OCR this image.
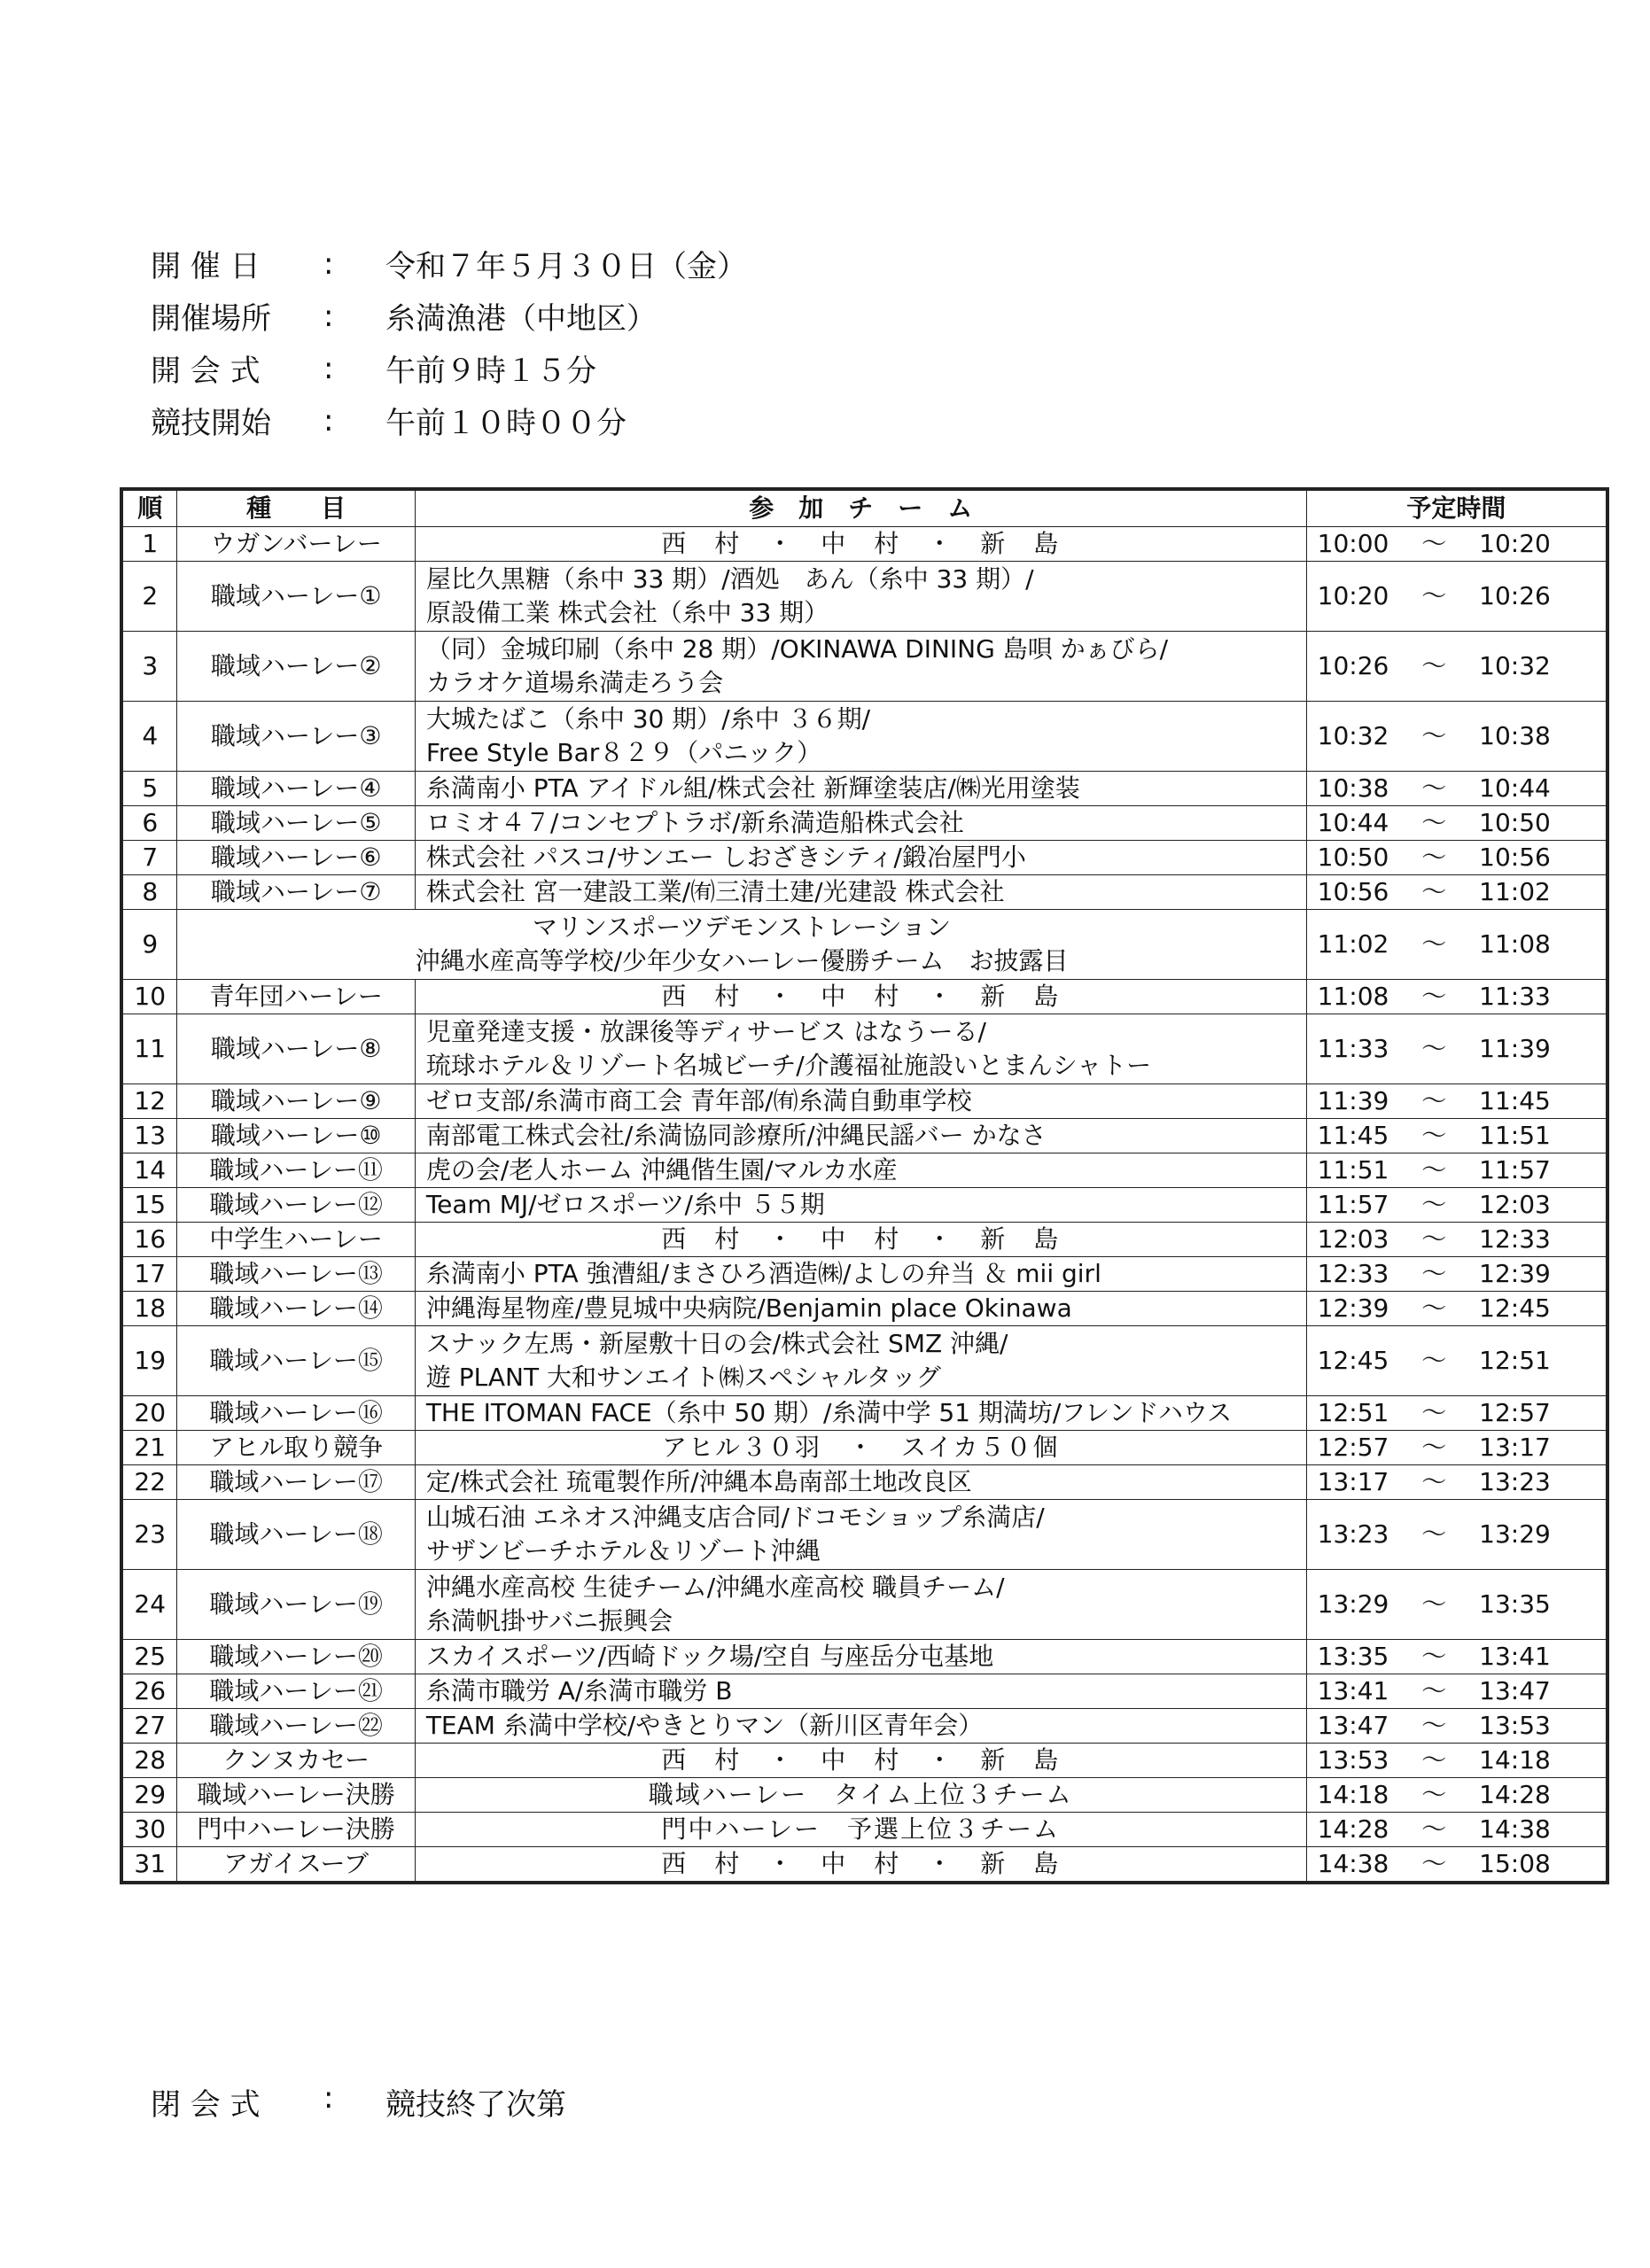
開 催 日	:	令和７年５月３０日（金）
開催場所	:	糸満漁港（中地区）
開 会 式	:	午前９時１５分
競技開始	:	午前１０時００分
順	種　　目	参　加　チ　ー　ム	予定時間
1	ウガンバーレー	西　村　・　中　村　・　新　島	10:00　 ～　 10:20
2	職域ハーレー①	屋比久黒糖（糸中 33 期）/酒処　あん（糸中 33 期）/
原設備工業 株式会社（糸中 33 期）	10:20　 ～　 10:26
3	職域ハーレー②	（同）金城印刷（糸中 28 期）/OKINAWA DINING 島唄 かぁびら/
カラオケ道場糸満走ろう会	10:26　 ～　 10:32
4	職域ハーレー③	大城たばこ（糸中 30 期）/糸中 ３６期/
Free Style Bar８２９（パニック）	10:32　 ～　 10:38
5	職域ハーレー④	糸満南小 PTA アイドル組/株式会社 新輝塗装店/㈱光用塗装	10:38　 ～　 10:44
6	職域ハーレー⑤	ロミオ４７/コンセプトラボ/新糸満造船株式会社	10:44　 ～　 10:50
7	職域ハーレー⑥	株式会社 パスコ/サンエー しおざきシティ/鍛冶屋門小	10:50　 ～　 10:56
8	職域ハーレー⑦	株式会社 宮一建設工業/㈲三清土建/光建設 株式会社	10:56　 ～　 11:02
9	マリンスポーツデモンストレーション
沖縄水産高等学校/少年少女ハーレー優勝チーム　お披露目		11:02　 ～　 11:08
10	青年団ハーレー	西　村　・　中　村　・　新　島	11:08　 ～　 11:33
11	職域ハーレー⑧	児童発達支援・放課後等ディサービス はなうーる/
琉球ホテル＆リゾート名城ビーチ/介護福祉施設いとまんシャトー	11:33　 ～　 11:39
12	職域ハーレー⑨	ゼロ支部/糸満市商工会 青年部/㈲糸満自動車学校	11:39　 ～　 11:45
13	職域ハーレー⑩	南部電工株式会社/糸満協同診療所/沖縄民謡バー かなさ	11:45　 ～　 11:51
14	職域ハーレー⑪	虎の会/老人ホーム 沖縄偕生園/マルカ水産	11:51　 ～　 11:57
15	職域ハーレー⑫	Team MJ/ゼロスポーツ/糸中 ５５期	11:57　 ～　 12:03
16	中学生ハーレー	西　村　・　中　村　・　新　島	12:03　 ～　 12:33
17	職域ハーレー⑬	糸満南小 PTA 強漕組/まさひろ酒造㈱/よしの弁当 ＆ mii girl	12:33　 ～　 12:39
18	職域ハーレー⑭	沖縄海星物産/豊見城中央病院/Benjamin place Okinawa	12:39　 ～　 12:45
19	職域ハーレー⑮	スナック左馬・新屋敷十日の会/株式会社 SMZ 沖縄/
遊 PLANT 大和サンエイト㈱スペシャルタッグ	12:45　 ～　 12:51
20	職域ハーレー⑯	THE ITOMAN FACE（糸中 50 期）/糸満中学 51 期満坊/フレンドハウス	12:51　 ～　 12:57
21	アヒル取り競争	アヒル３０羽　・　スイカ５０個	12:57　 ～　 13:17
22	職域ハーレー⑰	定/株式会社 琉電製作所/沖縄本島南部土地改良区	13:17　 ～　 13:23
23	職域ハーレー⑱	山城石油 エネオス沖縄支店合同/ドコモショップ糸満店/
サザンビーチホテル＆リゾート沖縄	13:23　 ～　 13:29
24	職域ハーレー⑲	沖縄水産高校 生徒チーム/沖縄水産高校 職員チーム/
糸満帆掛サバニ振興会	13:29　 ～　 13:35
25	職域ハーレー⑳	スカイスポーツ/西崎ドック場/空自 与座岳分屯基地	13:35　 ～　 13:41
26	職域ハーレー㉑	糸満市職労 A/糸満市職労 B	13:41　 ～　 13:47
27	職域ハーレー㉒	TEAM 糸満中学校/やきとりマン（新川区青年会）	13:47　 ～　 13:53
28	クンヌカセー	西　村　・　中　村　・　新　島	13:53　 ～　 14:18
29	職域ハーレー決勝	職域ハーレー　タイム上位３チーム	14:18　 ～　 14:28
30	門中ハーレー決勝	門中ハーレー　予選上位３チーム	14:28　 ～　 14:38
31	アガイスーブ	西　村　・　中　村　・　新　島	14:38　 ～　 15:08
閉 会 式	:	競技終了次第
